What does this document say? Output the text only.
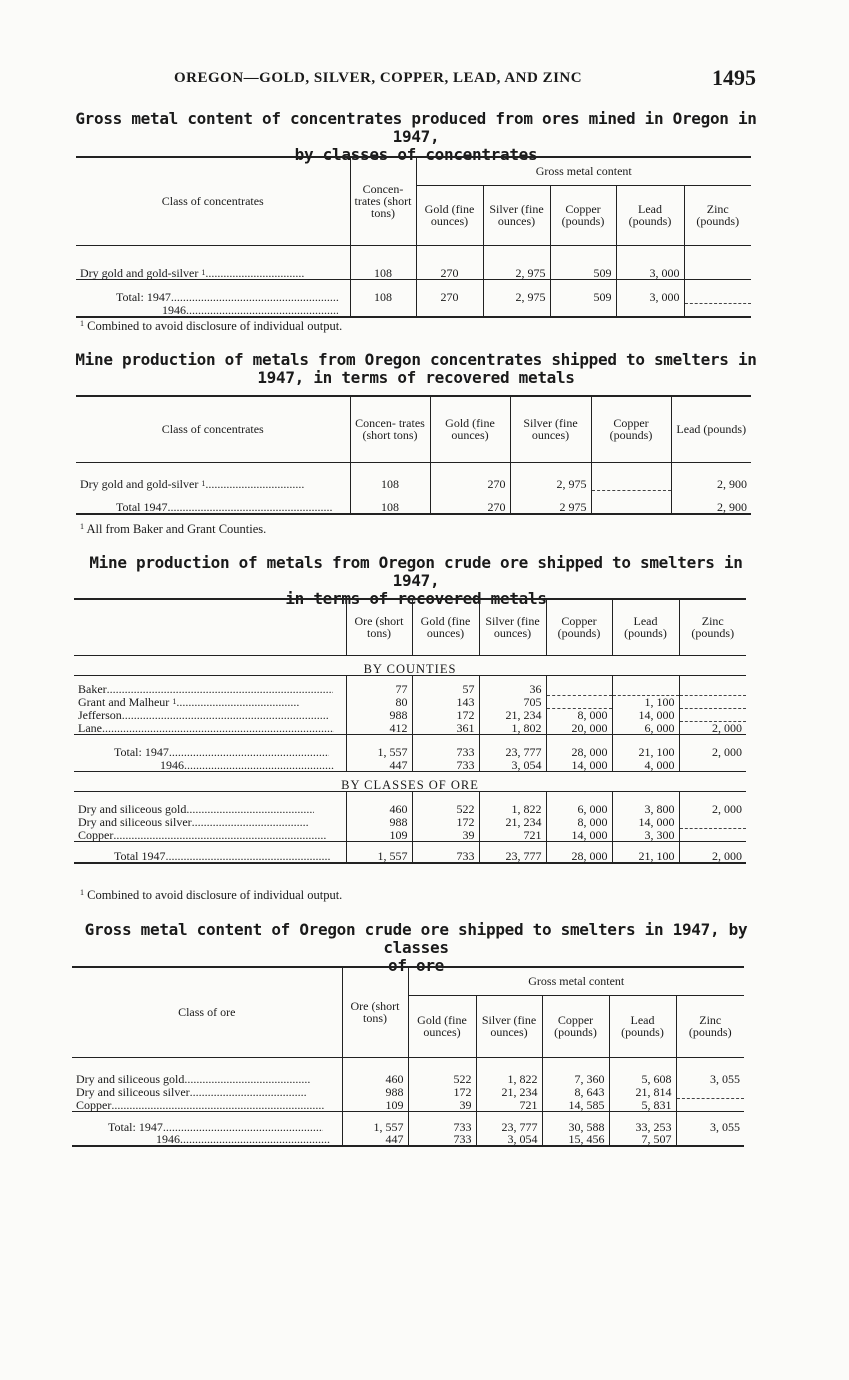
OREGON—GOLD, SILVER, COPPER, LEAD, AND ZINC	1495
Gross metal content of concentrates produced from ores mined in Oregon in 1947,
by classes of concentrates
Class of concentrates	Concen- trates (short tons)	Gross metal content				
		Gold (fine ounces)	Silver (fine ounces)	Copper (pounds)	Lead (pounds)	Zinc (pounds)
Dry gold and gold-silver $^1$.....	108	270	2, 975	509	3, 000	
Total: 1947.....	108	270	2, 975	509	3, 000	
1946.....						
$^1$ Combined to avoid disclosure of individual output.
Mine production of metals from Oregon concentrates shipped to smelters in
1947, in terms of recovered metals
Class of concentrates	Concen- trates (short tons)	Gold (fine ounces)	Silver (fine ounces)	Copper (pounds)	Lead (pounds)
Dry gold and gold-silver $^1$.....	108	270	2, 975		2, 900
Total 1947.....	108	270	2 975		2, 900
$^1$ All from Baker and Grant Counties.
Mine production of metals from Oregon crude ore shipped to smelters in 1947,
in terms of recovered metals
	Ore (short tons)	Gold (fine ounces)	Silver (fine ounces)	Copper (pounds)	Lead (pounds)	Zinc (pounds)
BY COUNTIES						
Baker.....	77	57	36			
Grant and Malheur $^1$.....	80	143	705		1, 100	
Jefferson.....	988	172	21, 234	8, 000	14, 000	
Lane.....	412	361	1, 802	20, 000	6, 000	2, 000
Total: 1947.....	1, 557	733	23, 777	28, 000	21, 100	2, 000
1946.....	447	733	3, 054	14, 000	4, 000	
BY CLASSES OF ORE						
Dry and siliceous gold.....	460	522	1, 822	6, 000	3, 800	2, 000
Dry and siliceous silver.....	988	172	21, 234	8, 000	14, 000	
Copper.....	109	39	721	14, 000	3, 300	
Total 1947.....	1, 557	733	23, 777	28, 000	21, 100	2, 000
$^1$ Combined to avoid disclosure of individual output.
Gross metal content of Oregon crude ore shipped to smelters in 1947, by classes
of ore
Class of ore	Ore (short tons)	Gross metal content				
		Gold (fine ounces)	Silver (fine ounces)	Copper (pounds)	Lead (pounds)	Zinc (pounds)
Dry and siliceous gold.....	460	522	1, 822	7, 360	5, 608	3, 055
Dry and siliceous silver.....	988	172	21, 234	8, 643	21, 814	
Copper.....	109	39	721	14, 585	5, 831	
Total: 1947.....	1, 557	733	23, 777	30, 588	33, 253	3, 055
1946.....	447	733	3, 054	15, 456	7, 507	
